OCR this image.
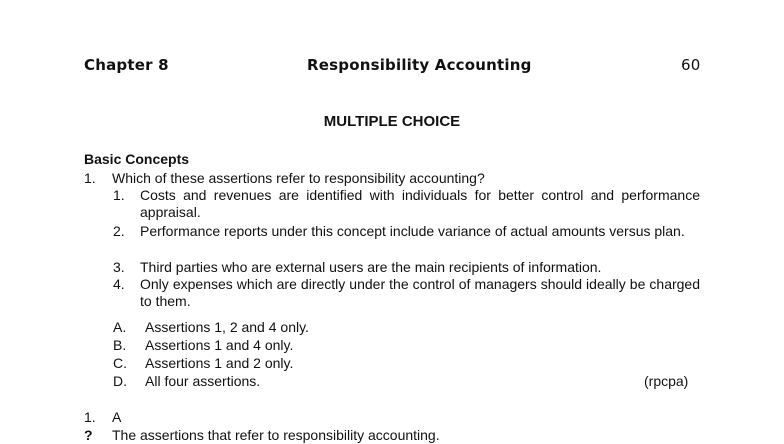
Chapter 8	Responsibility Accounting	60
MULTIPLE CHOICE
Basic Concepts
1. Which of these assertions refer to responsibility accounting?
1. Costs and revenues are identified with individuals for better control and performance appraisal.
2. Performance reports under this concept include variance of actual amounts versus plan.
3. Third parties who are external users are the main recipients of information.
4. Only expenses which are directly under the control of managers should ideally be charged to them.
A. Assertions 1, 2 and 4 only.
B. Assertions 1 and 4 only.
C. Assertions 1 and 2 only.
D. All four assertions.	(rpcpa)
1. A
? The assertions that refer to responsibility accounting.
